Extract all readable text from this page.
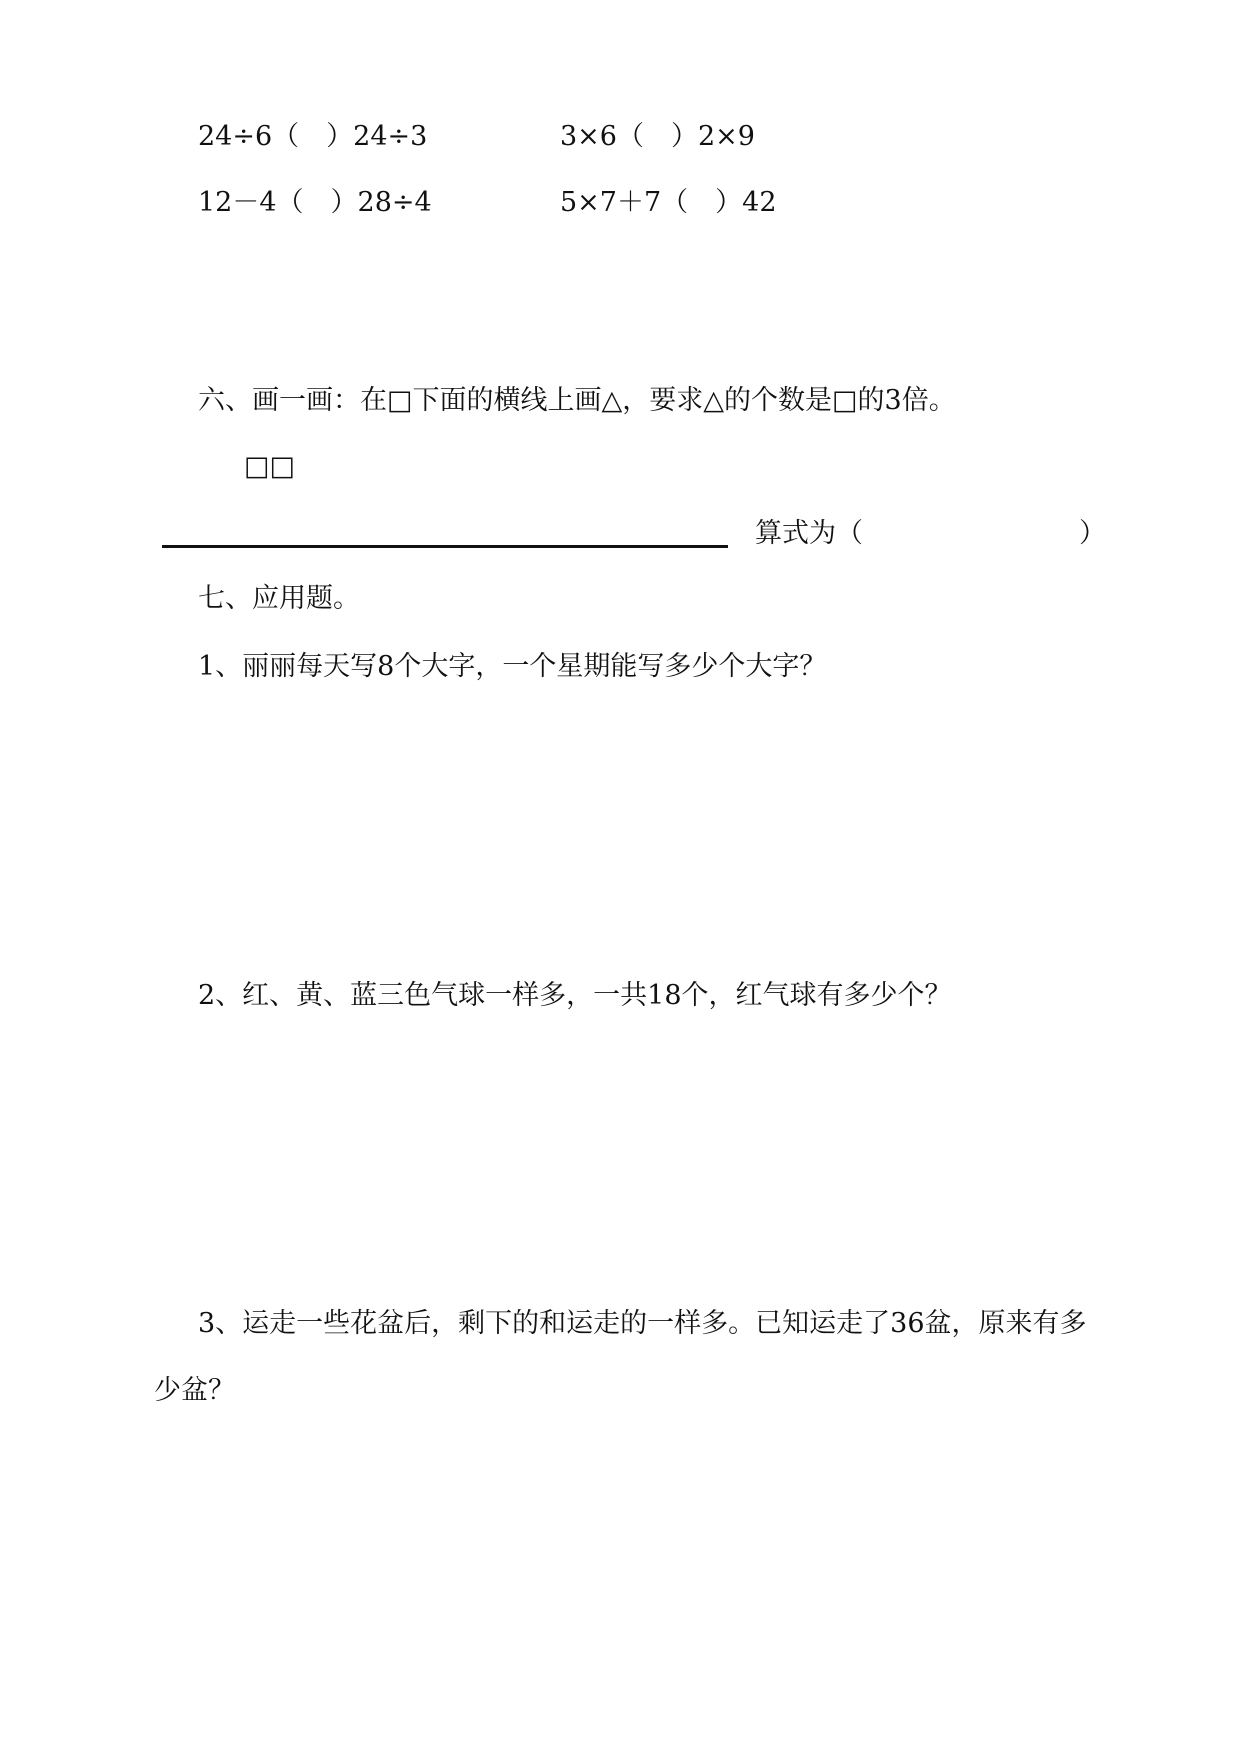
24÷6（　）24÷3	3×6（　）2×9
12－4（　）28÷4	5×7＋7（　）42
六、画一画：在□下面的横线上画△，要求△的个数是□的3倍。
□□
算式为（　　　　　　　　）
七、应用题。
1、丽丽每天写8个大字，一个星期能写多少个大字？
2、红、黄、蓝三色气球一样多，一共18个，红气球有多少个？
3、运走一些花盆后，剩下的和运走的一样多。已知运走了36盆，原来有多
少盆？
